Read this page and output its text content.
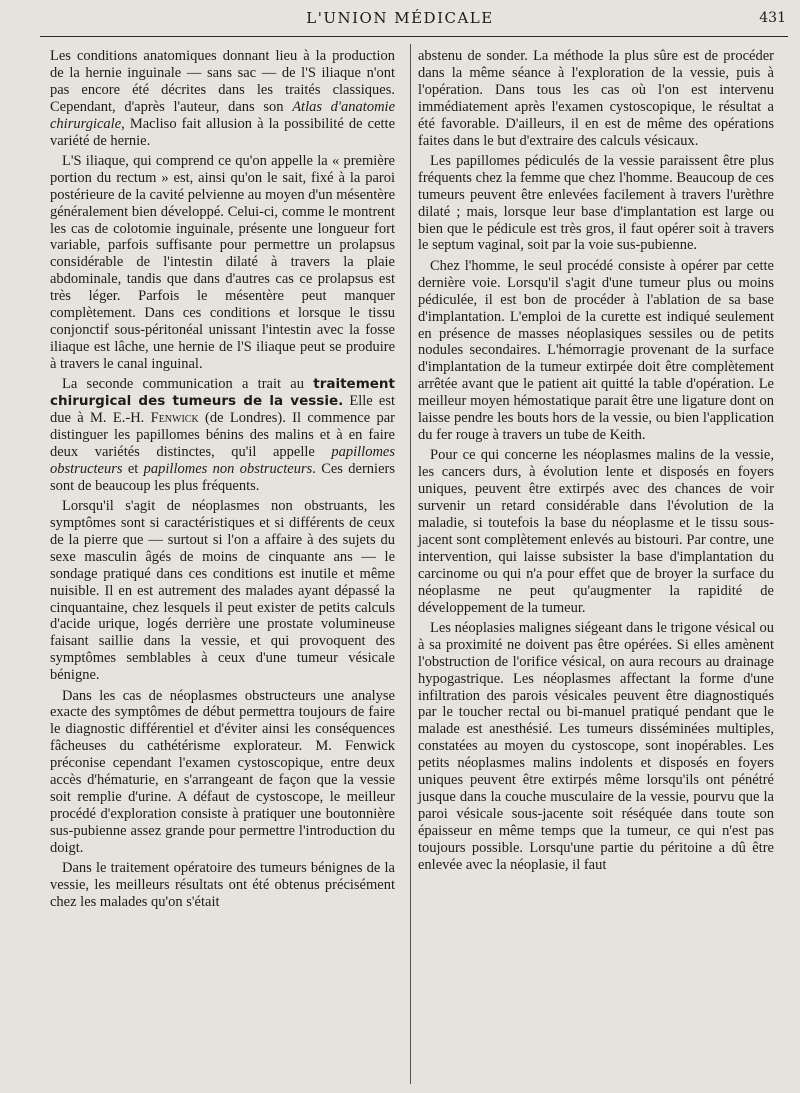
L'UNION MÉDICALE	431

Les conditions anatomiques donnant lieu à la production de la hernie inguinale — sans sac — de l'S iliaque n'ont pas encore été décrites dans les traités classiques. Cependant, d'après l'auteur, dans son Atlas d'anatomie chirurgicale, Macliso fait allusion à la possibilité de cette variété de hernie.

L'S iliaque, qui comprend ce qu'on appelle la « première portion du rectum » est, ainsi qu'on le sait, fixé à la paroi postérieure de la cavité pelvienne au moyen d'un mésentère généralement bien développé. Celui-ci, comme le montrent les cas de colotomie inguinale, présente une longueur fort variable, parfois suffisante pour permettre un prolapsus considérable de l'intestin dilaté à travers la plaie abdominale, tandis que dans d'autres cas ce prolapsus est très léger. Parfois le mésentère peut manquer complètement. Dans ces conditions et lorsque le tissu conjonctif sous-péritonéal unissant l'intestin avec la fosse iliaque est lâche, une hernie de l'S iliaque peut se produire à travers le canal inguinal.

La seconde communication a trait au traitement chirurgical des tumeurs de la vessie. Elle est due à M. E.-H. Fenwick (de Londres). Il commence par distinguer les papillomes bénins des malins et à en faire deux variétés distinctes, qu'il appelle papillomes obstructeurs et papillomes non obstructeurs. Ces derniers sont de beaucoup les plus fréquents.

Lorsqu'il s'agit de néoplasmes non obstruants, les symptômes sont si caractéristiques et si différents de ceux de la pierre que — surtout si l'on a affaire à des sujets du sexe masculin âgés de moins de cinquante ans — le sondage pratiqué dans ces conditions est inutile et même nuisible. Il en est autrement des malades ayant dépassé la cinquantaine, chez lesquels il peut exister de petits calculs d'acide urique, logés derrière une prostate volumineuse faisant saillie dans la vessie, et qui provoquent des symptômes semblables à ceux d'une tumeur vésicale bénigne.

Dans les cas de néoplasmes obstructeurs une analyse exacte des symptômes de début permettra toujours de faire le diagnostic différentiel et d'éviter ainsi les conséquences fâcheuses du cathétérisme explorateur. M. Fenwick préconise cependant l'examen cystoscopique, entre deux accès d'hématurie, en s'arrangeant de façon que la vessie soit remplie d'urine. A défaut de cystoscope, le meilleur procédé d'exploration consiste à pratiquer une boutonnière sus-pubienne assez grande pour permettre l'introduction du doigt.

Dans le traitement opératoire des tumeurs bénignes de la vessie, les meilleurs résultats ont été obtenus précisément chez les malades qu'on s'était

abstenu de sonder. La méthode la plus sûre est de procéder dans la même séance à l'exploration de la vessie, puis à l'opération. Dans tous les cas où l'on est intervenu immédiatement après l'examen cystoscopique, le résultat a été favorable. D'ailleurs, il en est de même des opérations faites dans le but d'extraire des calculs vésicaux.

Les papillomes pédiculés de la vessie paraissent être plus fréquents chez la femme que chez l'homme. Beaucoup de ces tumeurs peuvent être enlevées facilement à travers l'urèthre dilaté ; mais, lorsque leur base d'implantation est large ou bien que le pédicule est très gros, il faut opérer soit à travers le septum vaginal, soit par la voie sus-pubienne.

Chez l'homme, le seul procédé consiste à opérer par cette dernière voie. Lorsqu'il s'agit d'une tumeur plus ou moins pédiculée, il est bon de procéder à l'ablation de sa base d'implantation. L'emploi de la curette est indiqué seulement en présence de masses néoplasiques sessiles ou de petits nodules secondaires. L'hémorragie provenant de la surface d'implantation de la tumeur extirpée doit être complètement arrêtée avant que le patient ait quitté la table d'opération. Le meilleur moyen hémostatique parait être une ligature dont on laisse pendre les bouts hors de la vessie, ou bien l'application du fer rouge à travers un tube de Keith.

Pour ce qui concerne les néoplasmes malins de la vessie, les cancers durs, à évolution lente et disposés en foyers uniques, peuvent être extirpés avec des chances de voir survenir un retard considérable dans l'évolution de la maladie, si toutefois la base du néoplasme et le tissu sous-jacent sont complètement enlevés au bistouri. Par contre, une intervention, qui laisse subsister la base d'implantation du carcinome ou qui n'a pour effet que de broyer la surface du néoplasme ne peut qu'augmenter la rapidité de développement de la tumeur.

Les néoplasies malignes siégeant dans le trigone vésical ou à sa proximité ne doivent pas être opérées. Si elles amènent l'obstruction de l'orifice vésical, on aura recours au drainage hypogastrique. Les néoplasmes affectant la forme d'une infiltration des parois vésicales peuvent être diagnostiqués par le toucher rectal ou bi-manuel pratiqué pendant que le malade est anesthésié. Les tumeurs disséminées multiples, constatées au moyen du cystoscope, sont inopérables. Les petits néoplasmes malins indolents et disposés en foyers uniques peuvent être extirpés même lorsqu'ils ont pénétré jusque dans la couche musculaire de la vessie, pourvu que la paroi vésicale sous-jacente soit réséquée dans toute son épaisseur en même temps que la tumeur, ce qui n'est pas toujours possible. Lorsqu'une partie du péritoine a dû être enlevée avec la néoplasie, il faut
